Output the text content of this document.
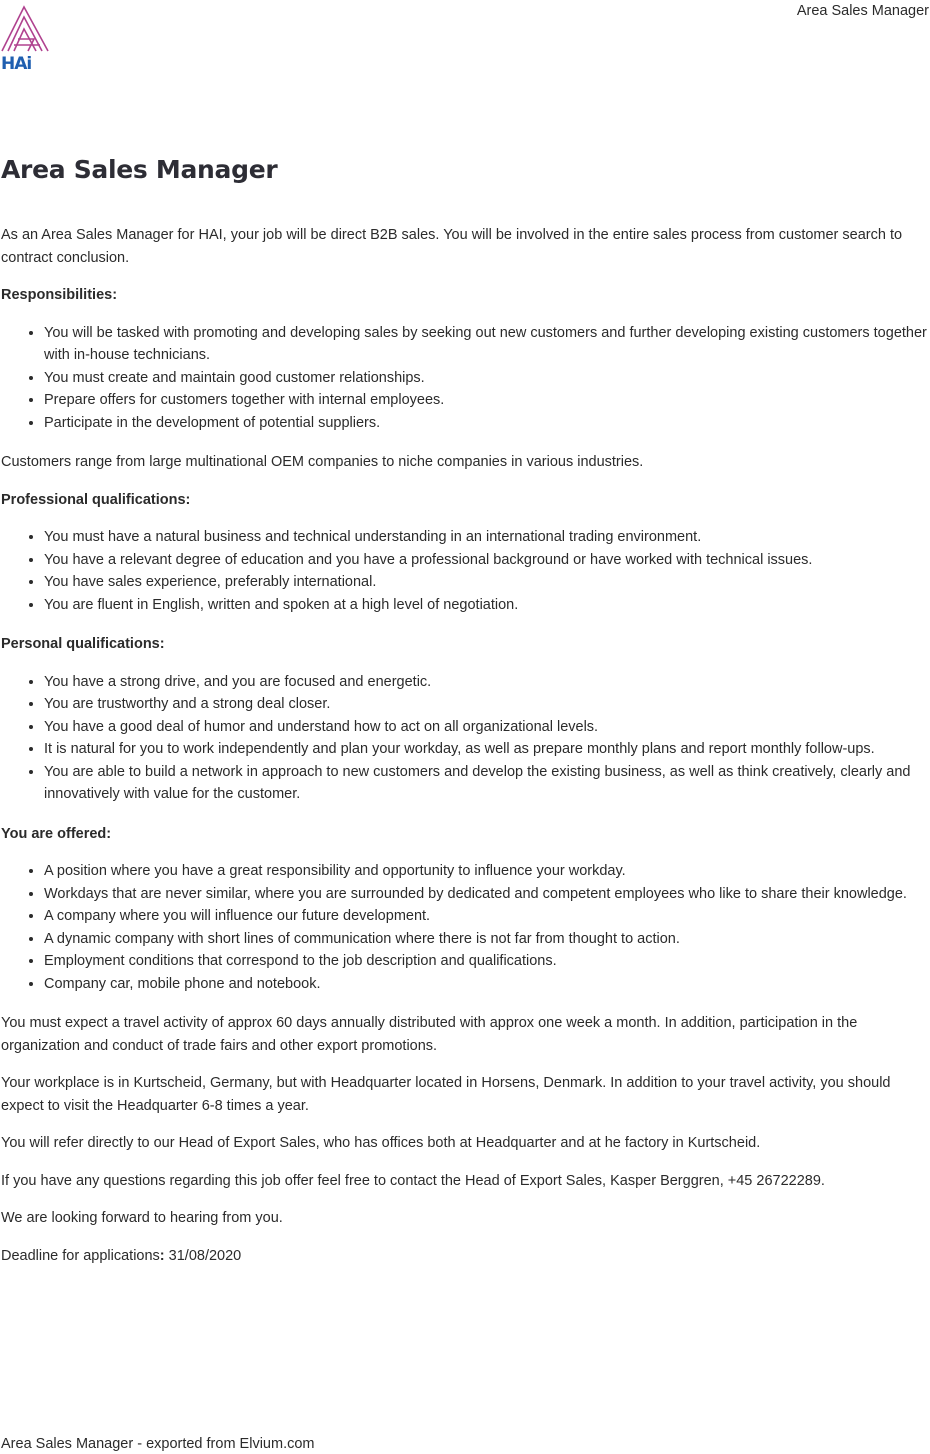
HAi
Area Sales Manager
Area Sales Manager

As an Area Sales Manager for HAI, your job will be direct B2B sales. You will be involved in the entire sales process from customer search to contract conclusion.

Responsibilities:

• You will be tasked with promoting and developing sales by seeking out new customers and further developing existing customers together with in-house technicians.
• You must create and maintain good customer relationships.
• Prepare offers for customers together with internal employees.
• Participate in the development of potential suppliers.

Customers range from large multinational OEM companies to niche companies in various industries.

Professional qualifications:

• You must have a natural business and technical understanding in an international trading environment.
• You have a relevant degree of education and you have a professional background or have worked with technical issues.
• You have sales experience, preferably international.
• You are fluent in English, written and spoken at a high level of negotiation.

Personal qualifications:

• You have a strong drive, and you are focused and energetic.
• You are trustworthy and a strong deal closer.
• You have a good deal of humor and understand how to act on all organizational levels.
• It is natural for you to work independently and plan your workday, as well as prepare monthly plans and report monthly follow-ups.
• You are able to build a network in approach to new customers and develop the existing business, as well as think creatively, clearly and innovatively with value for the customer.

You are offered:

• A position where you have a great responsibility and opportunity to influence your workday.
• Workdays that are never similar, where you are surrounded by dedicated and competent employees who like to share their knowledge.
• A company where you will influence our future development.
• A dynamic company with short lines of communication where there is not far from thought to action.
• Employment conditions that correspond to the job description and qualifications.
• Company car, mobile phone and notebook.

You must expect a travel activity of approx 60 days annually distributed with approx one week a month. In addition, participation in the organization and conduct of trade fairs and other export promotions.

Your workplace is in Kurtscheid, Germany, but with Headquarter located in Horsens, Denmark. In addition to your travel activity, you should expect to visit the Headquarter 6-8 times a year.

You will refer directly to our Head of Export Sales, who has offices both at Headquarter and at he factory in Kurtscheid.

If you have any questions regarding this job offer feel free to contact the Head of Export Sales, Kasper Berggren, +45 26722289.

We are looking forward to hearing from you.

Deadline for applications: 31/08/2020

Area Sales Manager - exported from Elvium.com
